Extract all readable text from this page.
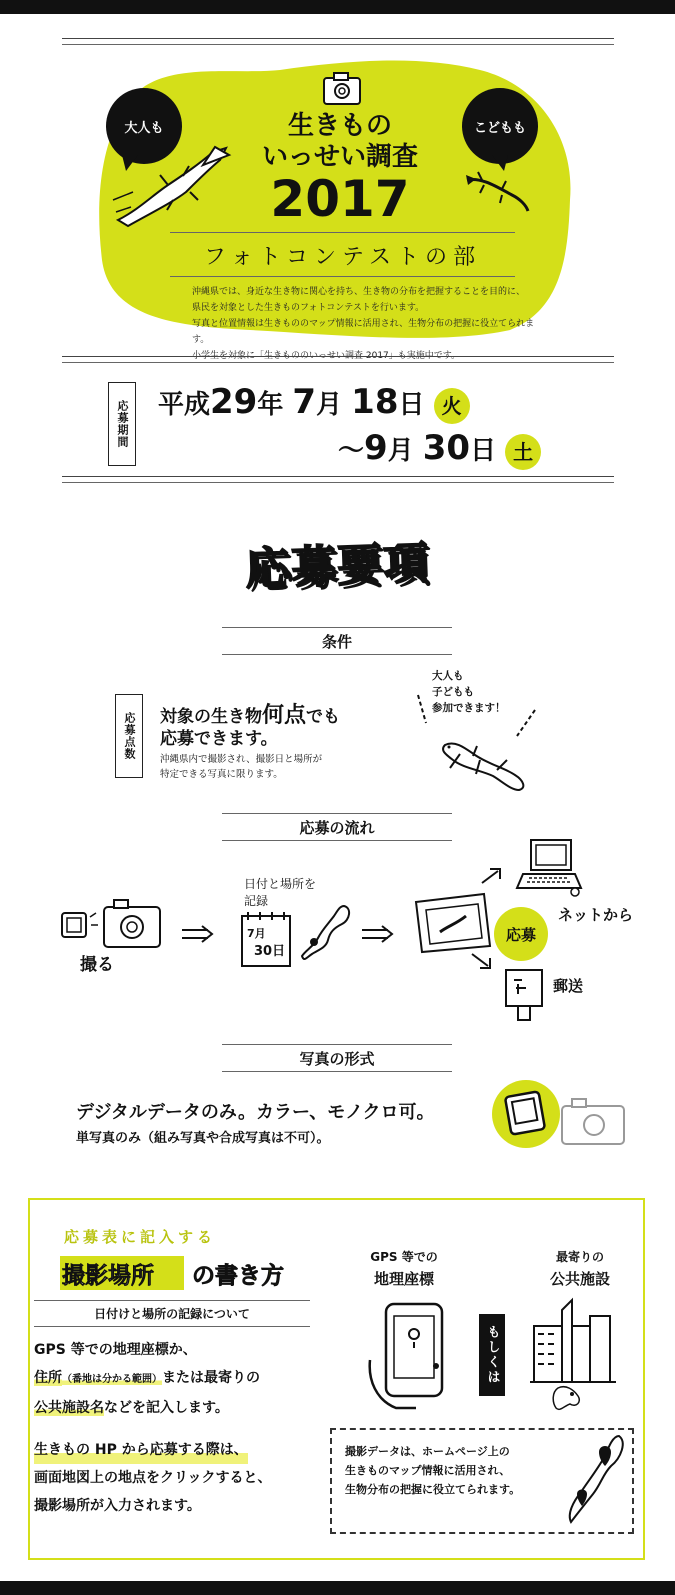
大人も	こどもも
生きもの
いっせい調査
2017
フォトコンテストの部
沖縄県では、身近な生き物に関心を持ち、生き物の分布を把握することを目的に、
県民を対象とした生きものフォトコンテストを行います。
写真と位置情報は生きもののマップ情報に活用され、生物分布の把握に役立てられます。
小学生を対象に「生きもののいっせい調査 2017」も実施中です。
応募期間 平成29年 7月 18日 火
～9月 30日 土
応募要項
条件
応募点数	対象の生き物何点でも
応募できます。
沖縄県内で撮影され、撮影日と場所が
特定できる写真に限ります。
大人も
子どもも
参加できます！
応募の流れ
撮る
日付と場所を
記録
7月
30日
応募
ネットから
郵送
写真の形式
デジタルデータのみ。カラー、モノクロ可。
単写真のみ（組み写真や合成写真は不可）。
応募表に記入する
撮影場所 の書き方
日付けと場所の記録について
GPS 等での地理座標か、
住所（番地は分かる範囲）または最寄りの
公共施設名などを記入します。
生きもの HP から応募する際は、
画面地図上の地点をクリックすると、
撮影場所が入力されます。
GPS 等での
地理座標
もしくは
最寄りの
公共施設
撮影データは、ホームページ上の
生きものマップ情報に活用され、
生物分布の把握に役立てられます。
